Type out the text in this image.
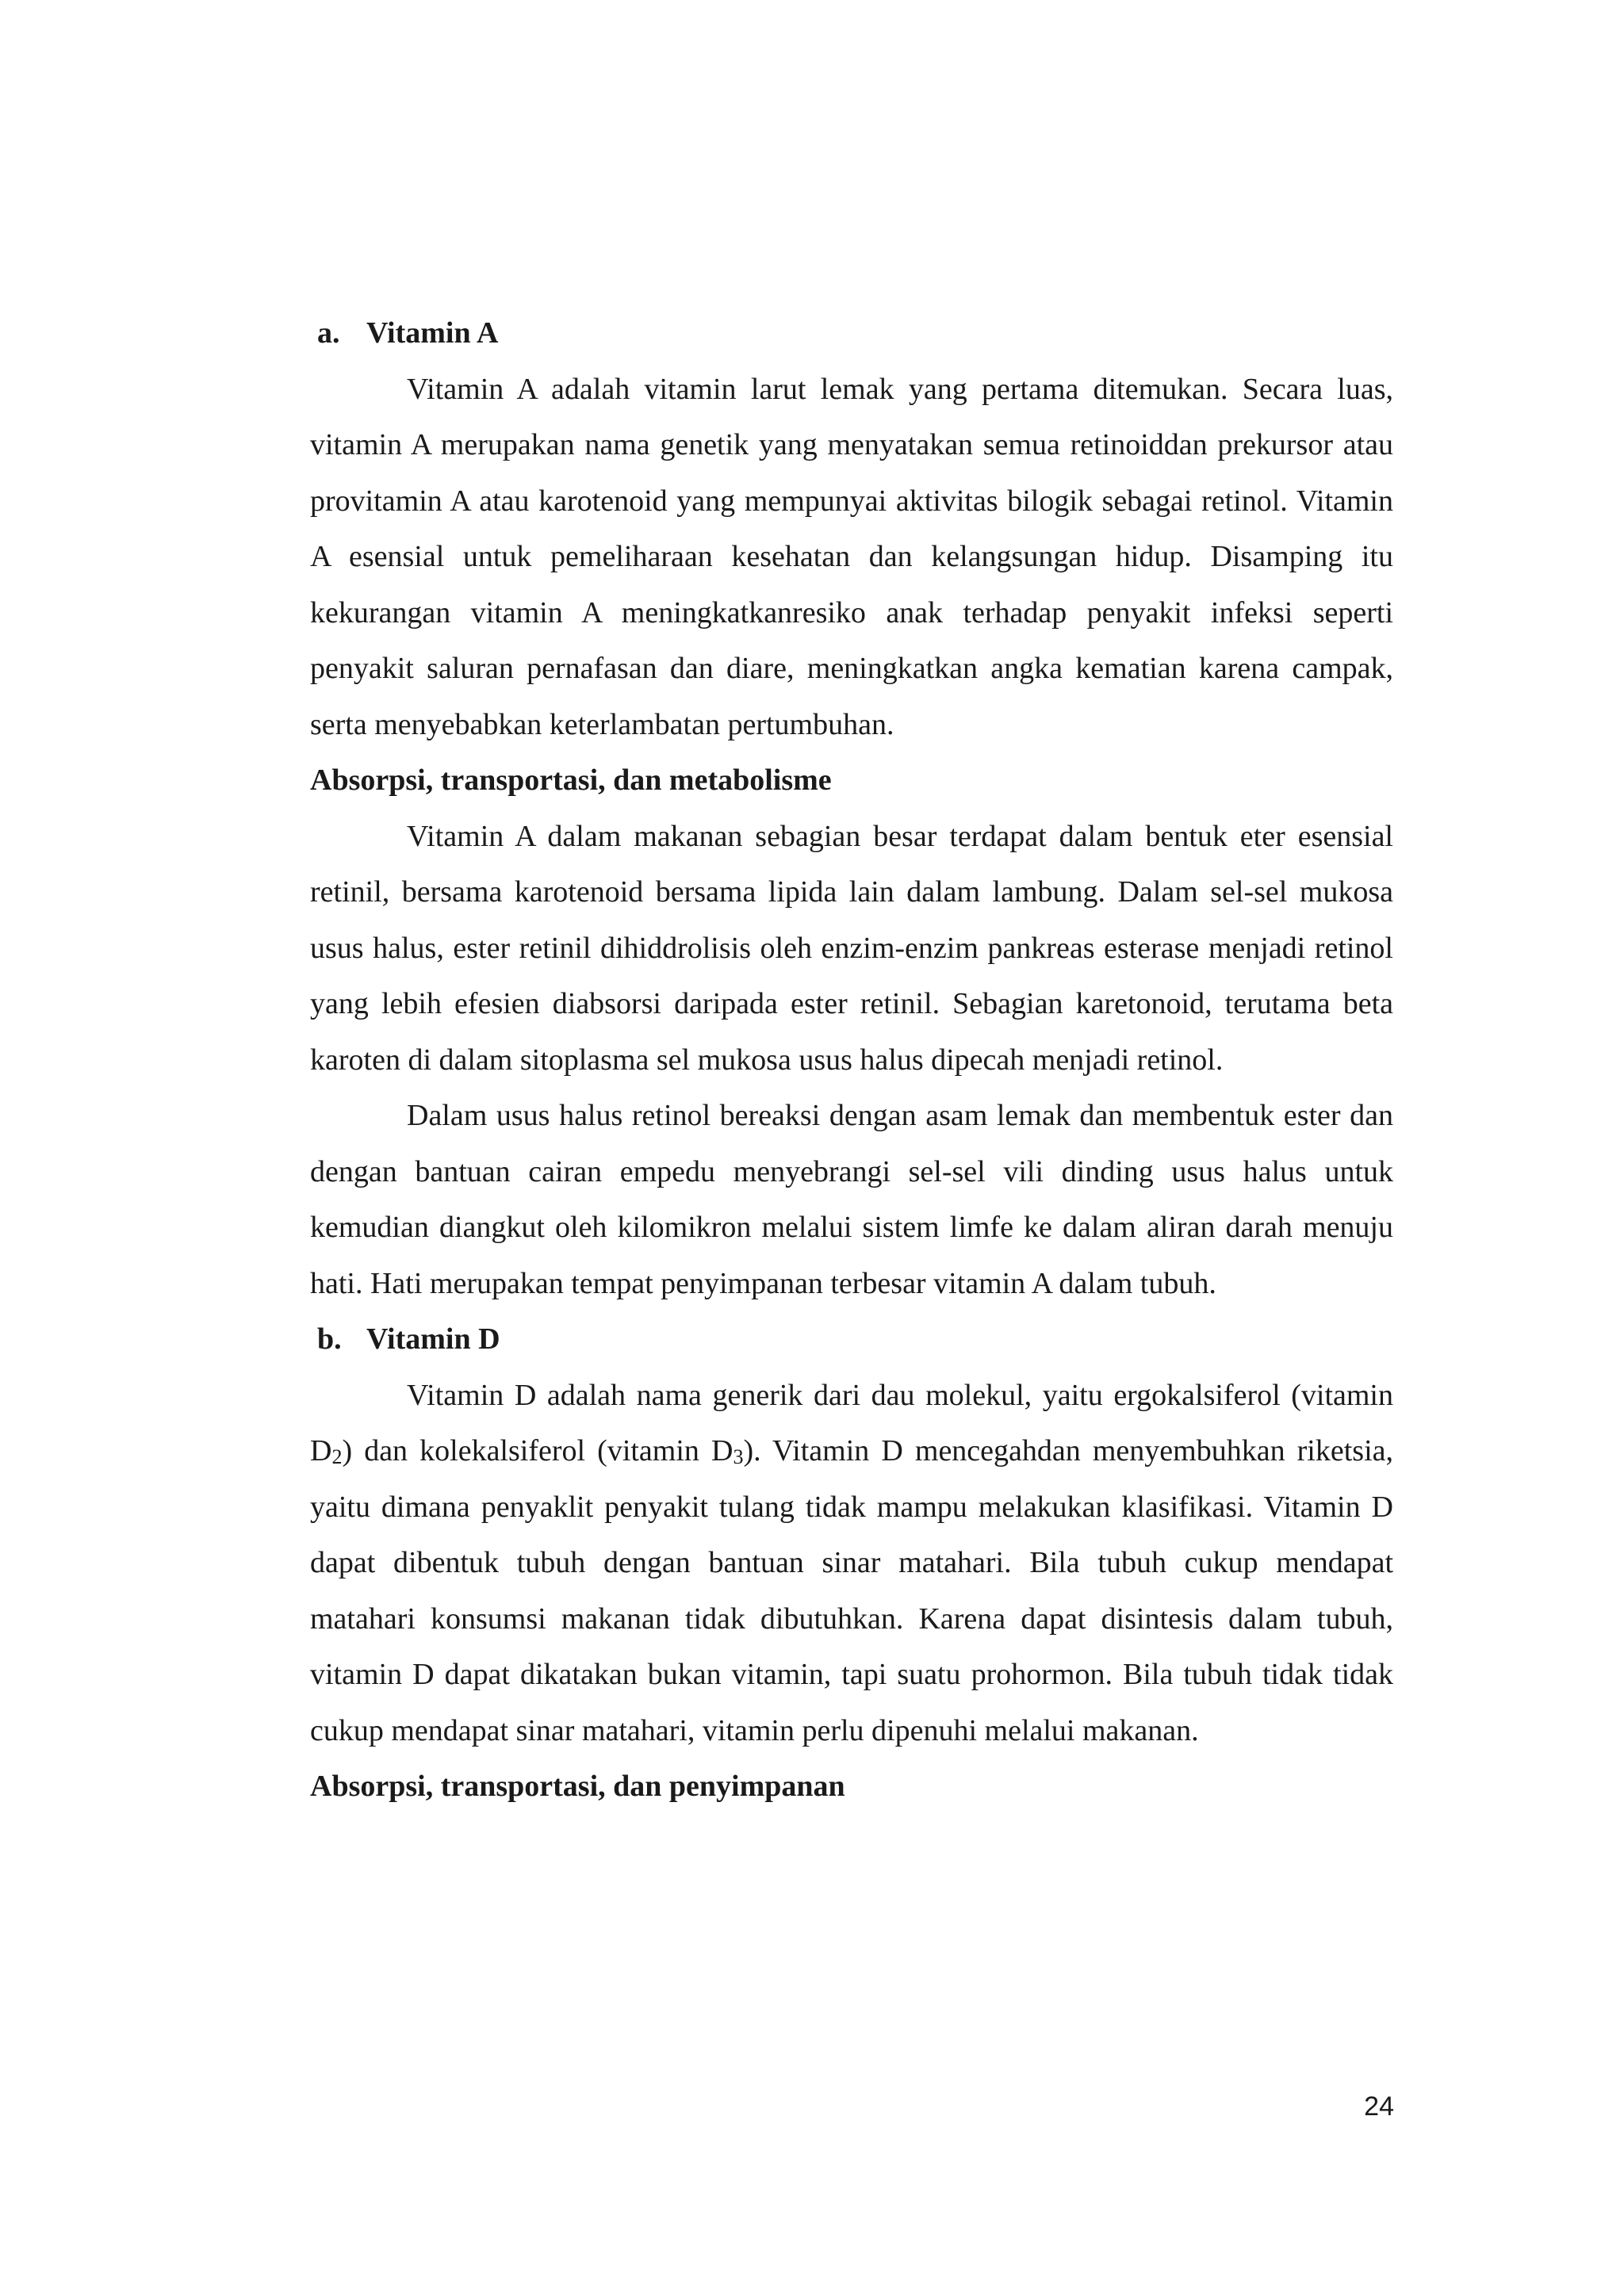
a. Vitamin A

Vitamin A adalah vitamin larut lemak yang pertama ditemukan. Secara luas, vitamin A merupakan nama genetik yang menyatakan semua retinoiddan prekursor atau provitamin A atau karotenoid yang mempunyai aktivitas bilogik sebagai retinol. Vitamin A esensial untuk pemeliharaan kesehatan dan kelangsungan hidup. Disamping itu kekurangan vitamin A meningkatkanresiko anak terhadap penyakit infeksi seperti penyakit saluran pernafasan dan diare, meningkatkan angka kematian karena campak, serta menyebabkan keterlambatan pertumbuhan.

Absorpsi, transportasi, dan metabolisme

Vitamin A dalam makanan sebagian besar terdapat dalam bentuk eter esensial retinil, bersama karotenoid bersama lipida lain dalam lambung. Dalam sel-sel mukosa usus halus, ester retinil dihiddrolisis oleh enzim-enzim pankreas esterase menjadi retinol yang lebih efesien diabsorsi daripada ester retinil. Sebagian karetonoid, terutama beta karoten di dalam sitoplasma sel mukosa usus halus dipecah menjadi retinol.

Dalam usus halus retinol bereaksi dengan asam lemak dan membentuk ester dan dengan bantuan cairan empedu menyebrangi sel-sel vili dinding usus halus untuk kemudian diangkut oleh kilomikron melalui sistem limfe ke dalam aliran darah menuju hati. Hati merupakan tempat penyimpanan terbesar vitamin A dalam tubuh.

b. Vitamin D

Vitamin D adalah nama generik dari dau molekul, yaitu ergokalsiferol (vitamin $D_2$) dan kolekalsiferol (vitamin $D_3$). Vitamin D mencegahdan menyembuhkan riketsia, yaitu dimana penyaklit penyakit tulang tidak mampu melakukan klasifikasi. Vitamin D dapat dibentuk tubuh dengan bantuan sinar matahari. Bila tubuh cukup mendapat matahari konsumsi makanan tidak dibutuhkan. Karena dapat disintesis dalam tubuh, vitamin D dapat dikatakan bukan vitamin, tapi suatu prohormon. Bila tubuh tidak tidak cukup mendapat sinar matahari, vitamin perlu dipenuhi melalui makanan.

Absorpsi, transportasi, dan penyimpanan
24
